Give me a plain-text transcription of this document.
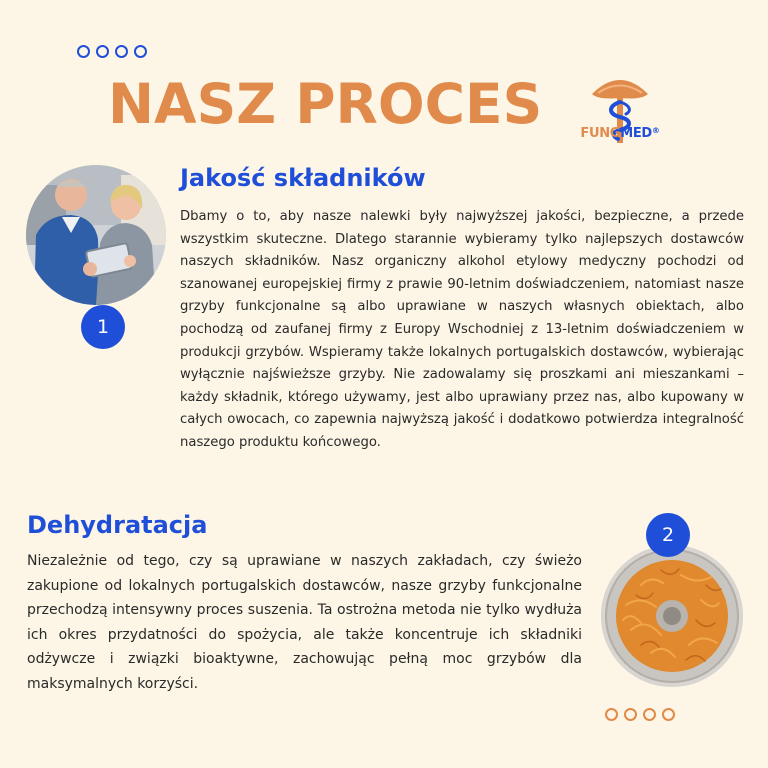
NASZ PROCES	FUNGMED®
1
Jakość składników
Dbamy o to, aby nasze nalewki były najwyższej jakości, bezpieczne, a przede wszystkim skuteczne. Dlatego starannie wybieramy tylko najlepszych dostawców naszych składników. Nasz organiczny alkohol etylowy medyczny pochodzi od szanowanej europejskiej firmy z prawie 90-letnim doświadczeniem, natomiast nasze grzyby funkcjonalne są albo uprawiane w naszych własnych obiektach, albo pochodzą od zaufanej firmy z Europy Wschodniej z 13-letnim doświadczeniem w produkcji grzybów. Wspieramy także lokalnych portugalskich dostawców, wybierając wyłącznie najświeższe grzyby. Nie zadowalamy się proszkami ani mieszankami – każdy składnik, którego używamy, jest albo uprawiany przez nas, albo kupowany w całych owocach, co zapewnia najwyższą jakość i dodatkowo potwierdza integralność naszego produktu końcowego.
Dehydratacja
Niezależnie od tego, czy są uprawiane w naszych zakładach, czy świeżo zakupione od lokalnych portugalskich dostawców, nasze grzyby funkcjonalne przechodzą intensywny proces suszenia. Ta ostrożna metoda nie tylko wydłuża ich okres przydatności do spożycia, ale także koncentruje ich składniki odżywcze i związki bioaktywne, zachowując pełną moc grzybów dla maksymalnych korzyści.
2
